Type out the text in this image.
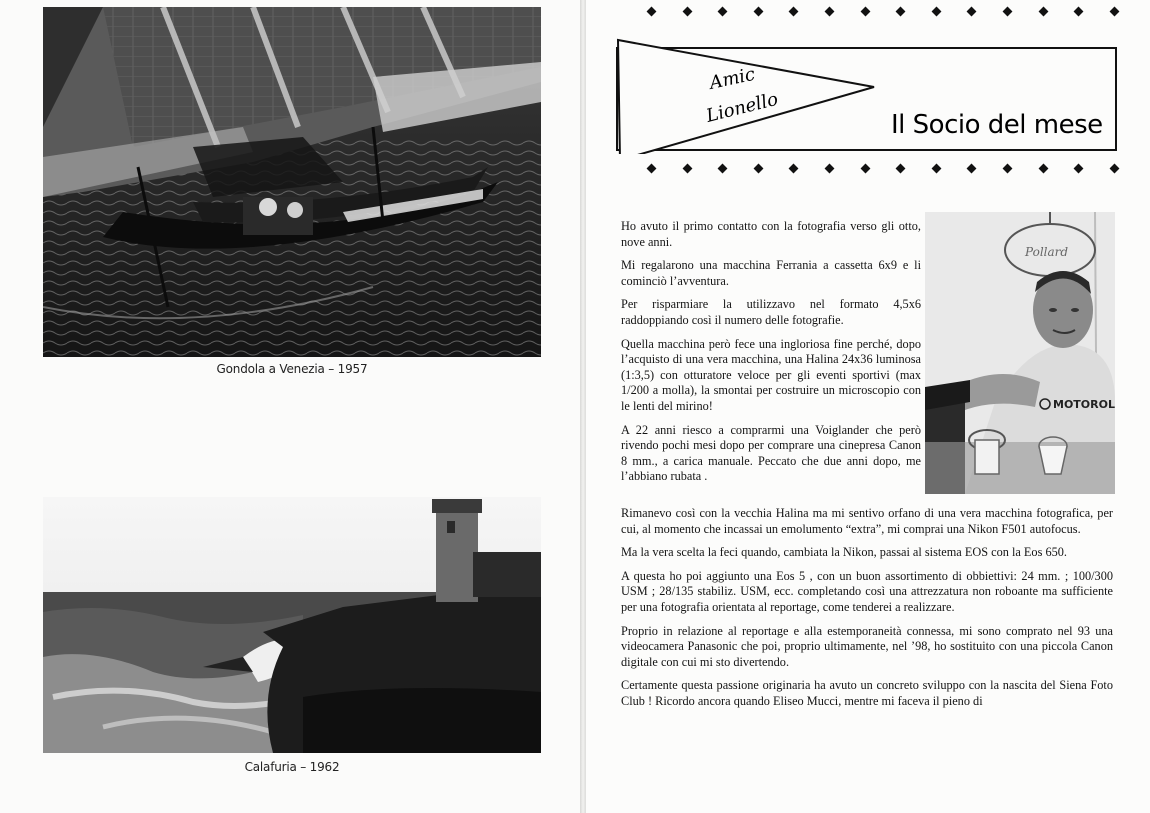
Gondola a Venezia – 1957
Calafuria – 1962
Amic
Lionello	Il Socio del mese

Ho avuto il primo contatto con la fotografia verso gli otto, nove anni.

Mi regalarono una macchina Ferrania a cassetta 6x9 e li cominciò l’avventura.

Per risparmiare la utilizzavo nel formato 4,5x6 raddoppiando così il numero delle fotografie.

Quella macchina però fece una ingloriosa fine perché, dopo l’acquisto di una vera macchina, una Halina 24x36 luminosa (1:3,5) con otturatore veloce per gli eventi sportivi (max 1/200 a molla), la smontai per costruire un microscopio con le lenti del mirino!

A 22 anni riesco a comprarmi una Voiglander che però rivendo pochi mesi dopo per comprare una cinepresa Canon 8 mm., a carica manuale. Peccato che due anni dopo, me l’abbiano rubata .

Pollard
MOTOROL

Rimanevo così con la vecchia Halina ma mi sentivo orfano di una vera macchina fotografica, per cui, al momento che incassai un emolumento “extra”, mi comprai una Nikon F501 autofocus.

Ma la vera scelta la feci quando, cambiata la Nikon, passai al sistema EOS con la Eos 650.

A questa ho poi aggiunto una Eos 5 , con un buon assortimento di obbiettivi: 24 mm. ; 100/300 USM ; 28/135 stabiliz. USM, ecc. completando così una attrezzatura non roboante ma sufficiente per una fotografia orientata al reportage, come tenderei a realizzare.

Proprio in relazione al reportage e alla estemporaneità connessa, mi sono comprato nel 93 una videocamera Panasonic che poi, proprio ultimamente, nel ’98, ho sostituito con una piccola Canon digitale con cui mi sto divertendo.

Certamente questa passione originaria ha avuto un concreto sviluppo con la nascita del Siena Foto Club ! Ricordo ancora quando Eliseo Mucci, mentre mi faceva il pieno di
